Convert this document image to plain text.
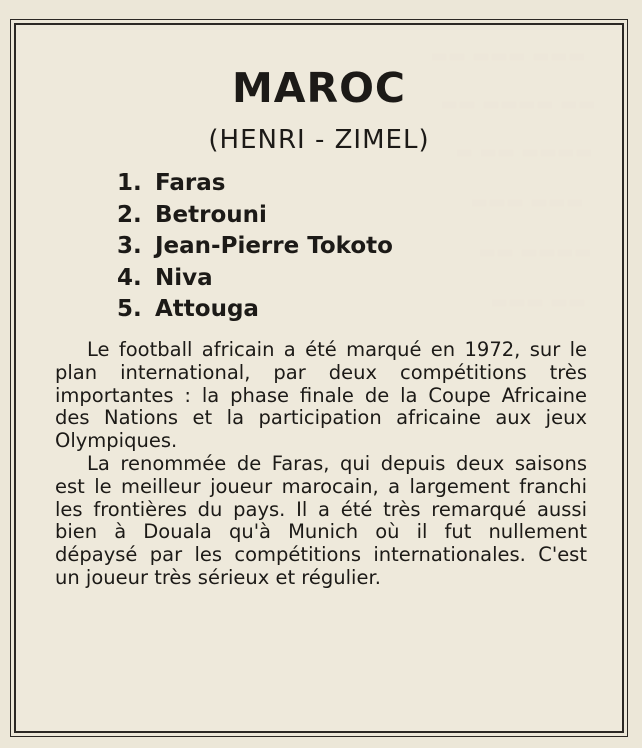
MAROC
(HENRI - ZIMEL)
1. Faras
2. Betrouni
3. Jean-Pierre Tokoto
4. Niva
5. Attouga

Le football africain a été marqué en 1972, sur le plan international, par deux compétitions très importantes : la phase finale de la Coupe Africaine des Nations et la participation africaine aux jeux Olympiques.

La renommée de Faras, qui depuis deux saisons est le meilleur joueur marocain, a largement franchi les frontières du pays. Il a été très remarqué aussi bien à Douala qu'à Munich où il fut nullement dépaysé par les compétitions internationales. C'est un joueur très sérieux et régulier.
